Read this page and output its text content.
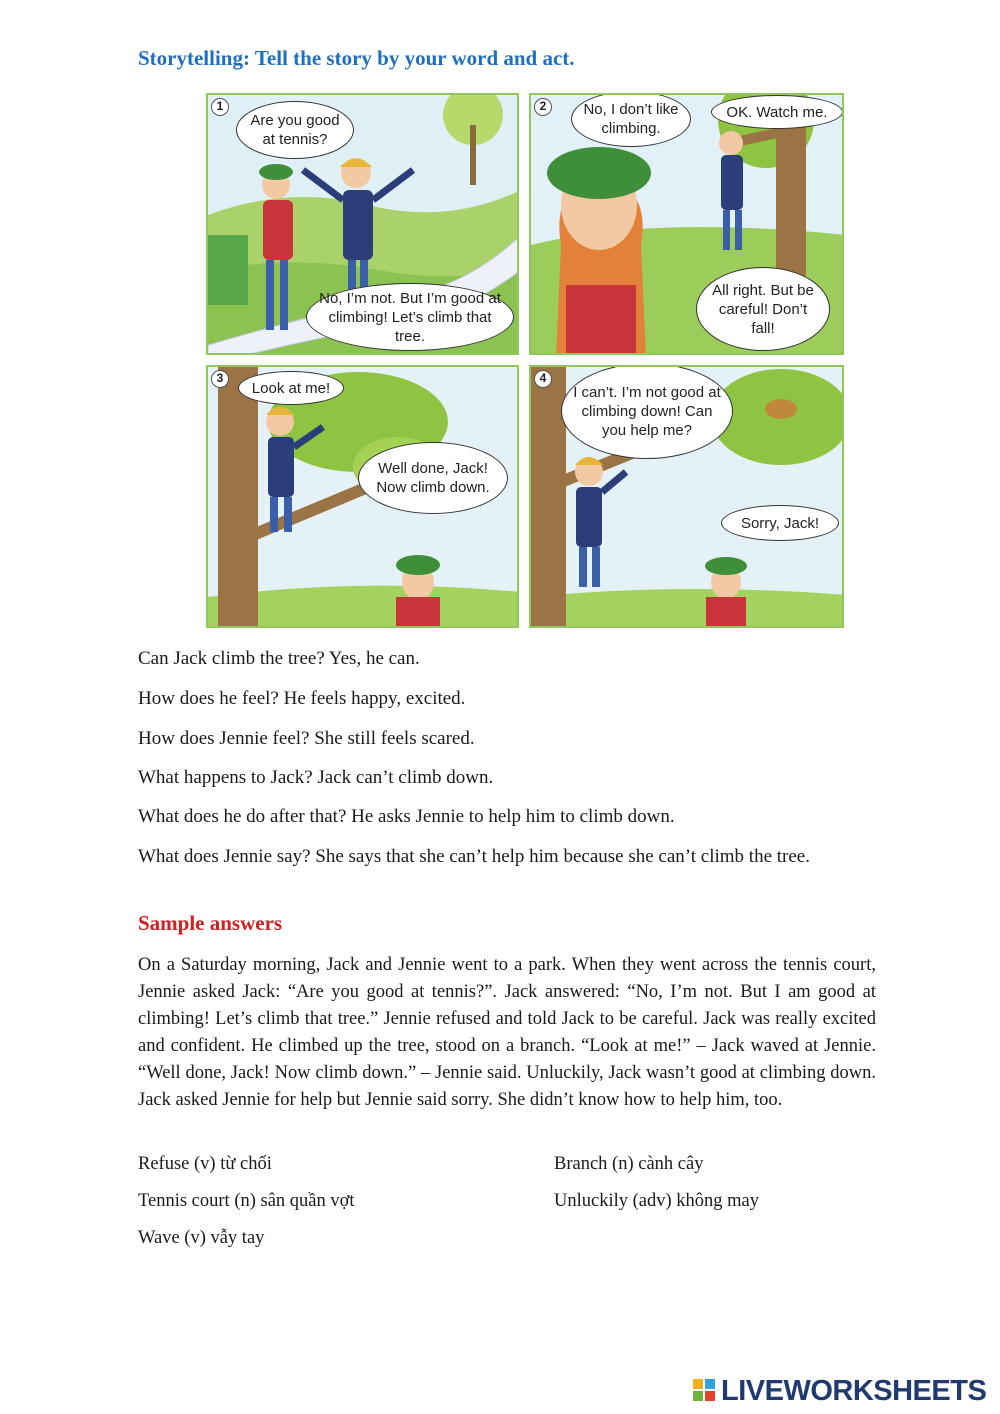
Storytelling: Tell the story by your word and act.
1
Are you good at tennis?
No, I’m not. But I’m good at climbing! Let’s climb that tree.
2	No, I don’t like climbing.
OK. Watch me.
All right. But be careful! Don’t fall!
3
Look at me!
Well done, Jack! Now climb down.
4
I can’t. I’m not good at climbing down! Can you help me?
Sorry, Jack!
Can Jack climb the tree? Yes, he can.
How does he feel? He feels happy, excited.
How does Jennie feel? She still feels scared.
What happens to Jack? Jack can’t climb down.
What does he do after that? He asks Jennie to help him to climb down.
What does Jennie say? She says that she can’t help him because she can’t climb the tree.
Sample answers
On a Saturday morning, Jack and Jennie went to a park. When they went across the tennis court, Jennie asked Jack: “Are you good at tennis?”. Jack answered: “No, I’m not. But I am good at climbing! Let’s climb that tree.” Jennie refused and told Jack to be careful. Jack was really excited and confident. He climbed up the tree, stood on a branch. “Look at me!” – Jack waved at Jennie. “Well done, Jack! Now climb down.” – Jennie said. Unluckily, Jack wasn’t good at climbing down. Jack asked Jennie for help but Jennie said sorry. She didn’t know how to help him, too.
Refuse (v) từ chối	Branch (n) cành cây
Tennis court (n) sân quần vợt	Unluckily (adv) không may
Wave (v) vẫy tay
LIVEWORKSHEETS
